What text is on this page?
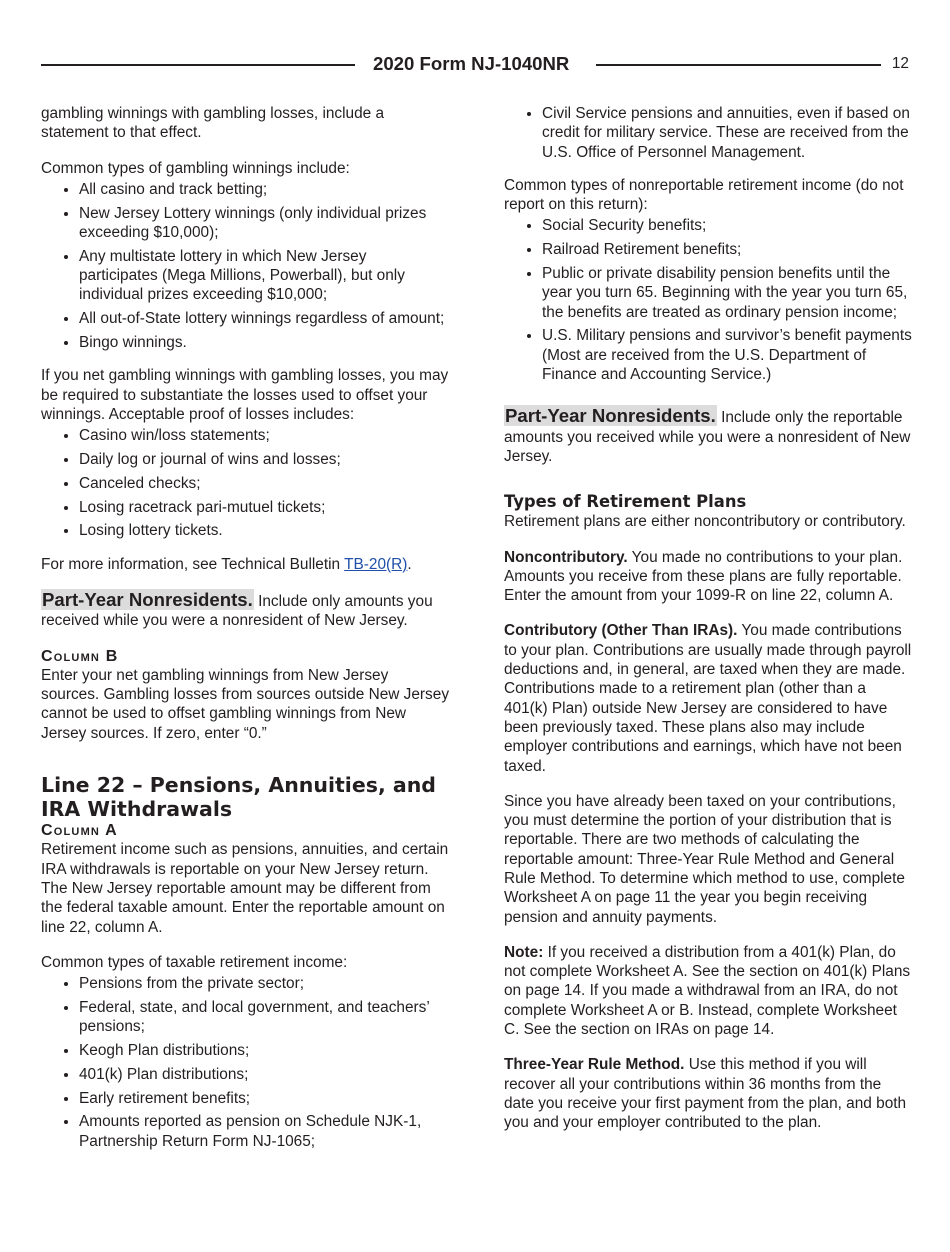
2020 Form NJ-1040NR	12

gambling winnings with gambling losses, include a statement to that effect.

Common types of gambling winnings include:

• All casino and track betting;
• New Jersey Lottery winnings (only individual prizes exceeding $10,000);
• Any multistate lottery in which New Jersey participates (Mega Millions, Powerball), but only individual prizes exceeding $10,000;
• All out-of-State lottery winnings regardless of amount;
• Bingo winnings.

If you net gambling winnings with gambling losses, you may be required to substantiate the losses used to offset your winnings. Acceptable proof of losses includes:

• Casino win/loss statements;
• Daily log or journal of wins and losses;
• Canceled checks;
• Losing racetrack pari-mutuel tickets;
• Losing lottery tickets.

For more information, see Technical Bulletin TB-20(R).

Part-Year Nonresidents. Include only amounts you received while you were a nonresident of New Jersey.

Column B

Enter your net gambling winnings from New Jersey sources. Gambling losses from sources outside New Jersey cannot be used to offset gambling winnings from New Jersey sources. If zero, enter “0.”

Line 22 – Pensions, Annuities, and IRA Withdrawals

Column A

Retirement income such as pensions, annuities, and certain IRA withdrawals is reportable on your New Jersey return. The New Jersey reportable amount may be different from the federal taxable amount. Enter the reportable amount on line 22, column A.

Common types of taxable retirement income:

• Pensions from the private sector;
• Federal, state, and local government, and teachers’ pensions;
• Keogh Plan distributions;
• 401(k) Plan distributions;
• Early retirement benefits;
• Amounts reported as pension on Schedule NJK-1, Partnership Return Form NJ-1065;
• Civil Service pensions and annuities, even if based on credit for military service. These are received from the U.S. Office of Personnel Management.

Common types of nonreportable retirement income (do not report on this return):

• Social Security benefits;
• Railroad Retirement benefits;
• Public or private disability pension benefits until the year you turn 65. Beginning with the year you turn 65, the benefits are treated as ordinary pension income;
• U.S. Military pensions and survivor’s benefit payments (Most are received from the U.S. Department of Finance and Accounting Service.)

Part-Year Nonresidents. Include only the reportable amounts you received while you were a nonresident of New Jersey.

Types of Retirement Plans

Retirement plans are either noncontributory or contributory.

Noncontributory. You made no contributions to your plan. Amounts you receive from these plans are fully reportable. Enter the amount from your 1099-R on line 22, column A.

Contributory (Other Than IRAs). You made contributions to your plan. Contributions are usually made through payroll deductions and, in general, are taxed when they are made. Contributions made to a retirement plan (other than a 401(k) Plan) outside New Jersey are considered to have been previously taxed. These plans also may include employer contributions and earnings, which have not been taxed.

Since you have already been taxed on your contributions, you must determine the portion of your distribution that is reportable. There are two methods of calculating the reportable amount: Three-Year Rule Method and General Rule Method. To determine which method to use, complete Worksheet A on page 11 the year you begin receiving pension and annuity payments.

Note: If you received a distribution from a 401(k) Plan, do not complete Worksheet A. See the section on 401(k) Plans on page 14. If you made a withdrawal from an IRA, do not complete Worksheet A or B. Instead, complete Worksheet C. See the section on IRAs on page 14.

Three-Year Rule Method. Use this method if you will recover all your contributions within 36 months from the date you receive your first payment from the plan, and both you and your employer contributed to the plan.
